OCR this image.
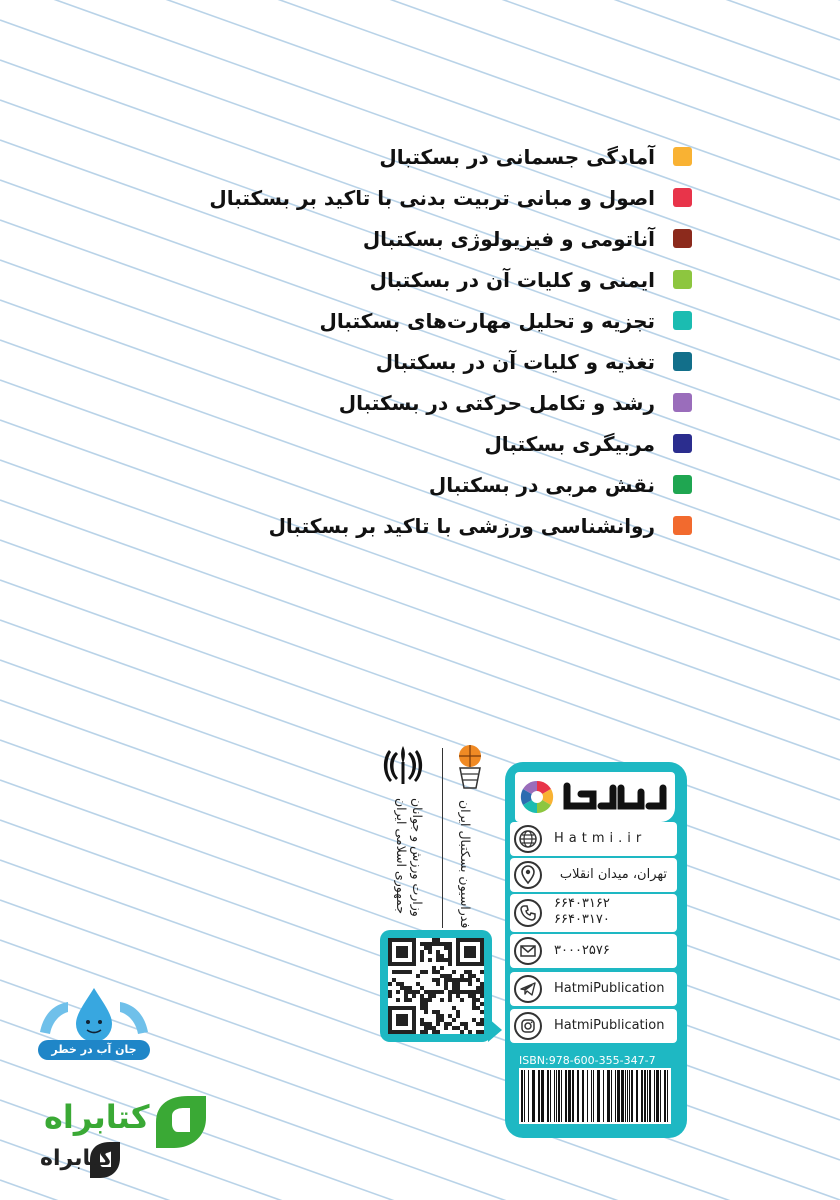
آمادگی جسمانی در بسکتبال
اصول و مبانی تربیت بدنی با تاکید بر بسکتبال
آناتومی و فیزیولوژی بسکتبال
ایمنی و کلیات آن در بسکتبال
تجزیه و تحلیل مهارت‌های بسکتبال
تغذیه و کلیات آن در بسکتبال
رشد و تکامل حرکتی در بسکتبال
مربیگری بسکتبال
نقش مربی در بسکتبال
روانشناسی ورزشی با تاکید بر بسکتبال
جمهوری اسلامی ایران وزارت ورزش و جوانان	فدراسیون بسکتبال ایران	Hatmi.ir
تهران، میدان انقلاب
۶۶۴۰۳۱۶۲
۶۶۴۰۳۱۷۰
۳۰۰۰۲۵۷۶
HatmiPublication
HatmiPublication
ISBN:978-600-355-347-7
جان آب در خطر است
کتابراه
کتابراه
